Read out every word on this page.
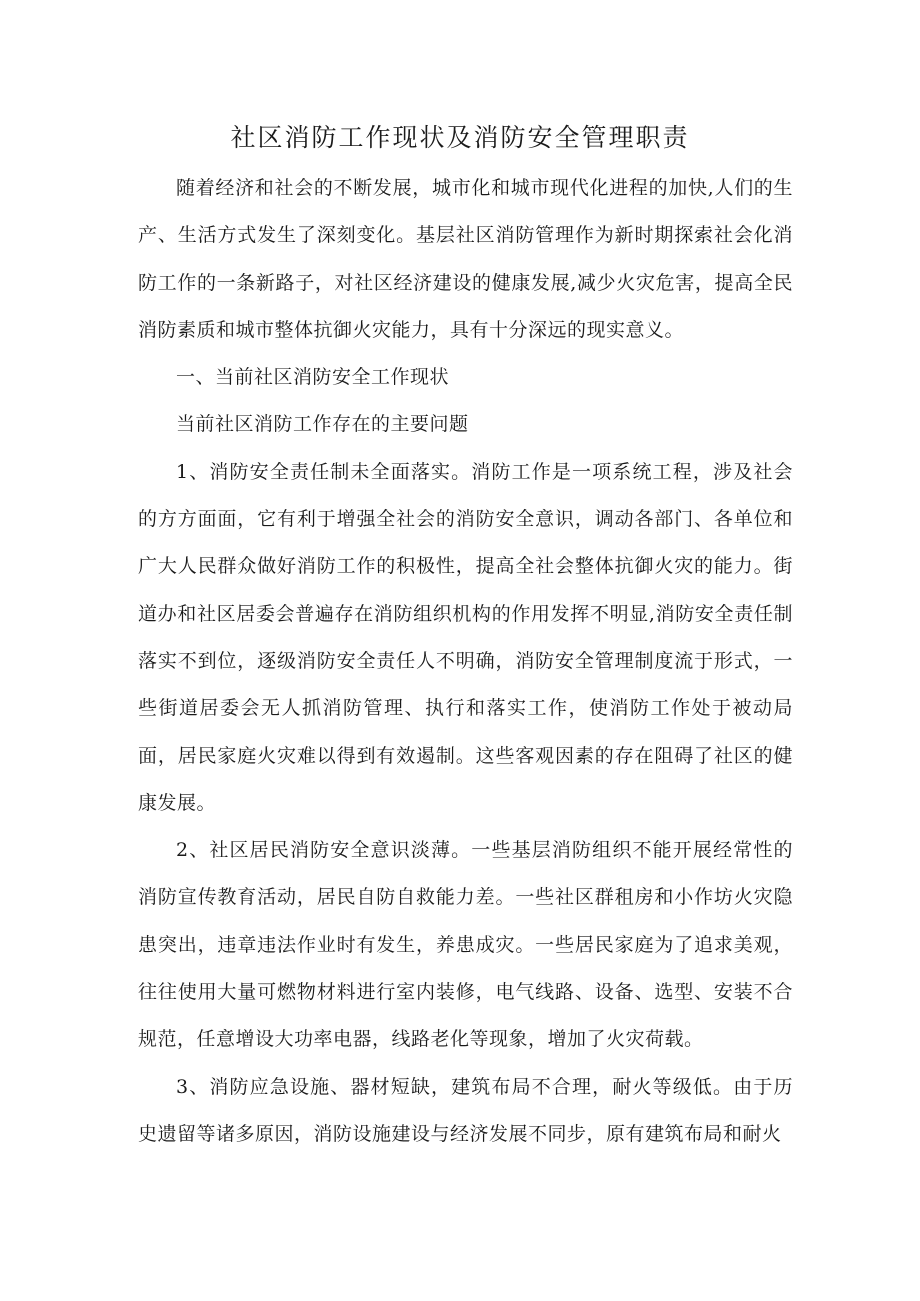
社区消防工作现状及消防安全管理职责

随着经济和社会的不断发展，城市化和城市现代化进程的加快,人们的生产、生活方式发生了深刻变化。基层社区消防管理作为新时期探索社会化消防工作的一条新路子，对社区经济建设的健康发展,减少火灾危害，提高全民消防素质和城市整体抗御火灾能力，具有十分深远的现实意义。

一、当前社区消防安全工作现状

当前社区消防工作存在的主要问题

1、消防安全责任制未全面落实。消防工作是一项系统工程，涉及社会的方方面面，它有利于增强全社会的消防安全意识，调动各部门、各单位和广大人民群众做好消防工作的积极性，提高全社会整体抗御火灾的能力。街道办和社区居委会普遍存在消防组织机构的作用发挥不明显,消防安全责任制落实不到位，逐级消防安全责任人不明确，消防安全管理制度流于形式，一些街道居委会无人抓消防管理、执行和落实工作，使消防工作处于被动局面，居民家庭火灾难以得到有效遏制。这些客观因素的存在阻碍了社区的健康发展。

2、社区居民消防安全意识淡薄。一些基层消防组织不能开展经常性的消防宣传教育活动，居民自防自救能力差。一些社区群租房和小作坊火灾隐患突出，违章违法作业时有发生，养患成灾。一些居民家庭为了追求美观，往往使用大量可燃物材料进行室内装修，电气线路、设备、选型、安装不合规范，任意增设大功率电器，线路老化等现象，增加了火灾荷载。

3、消防应急设施、器材短缺，建筑布局不合理，耐火等级低。由于历史遗留等诸多原因，消防设施建设与经济发展不同步，原有建筑布局和耐火
